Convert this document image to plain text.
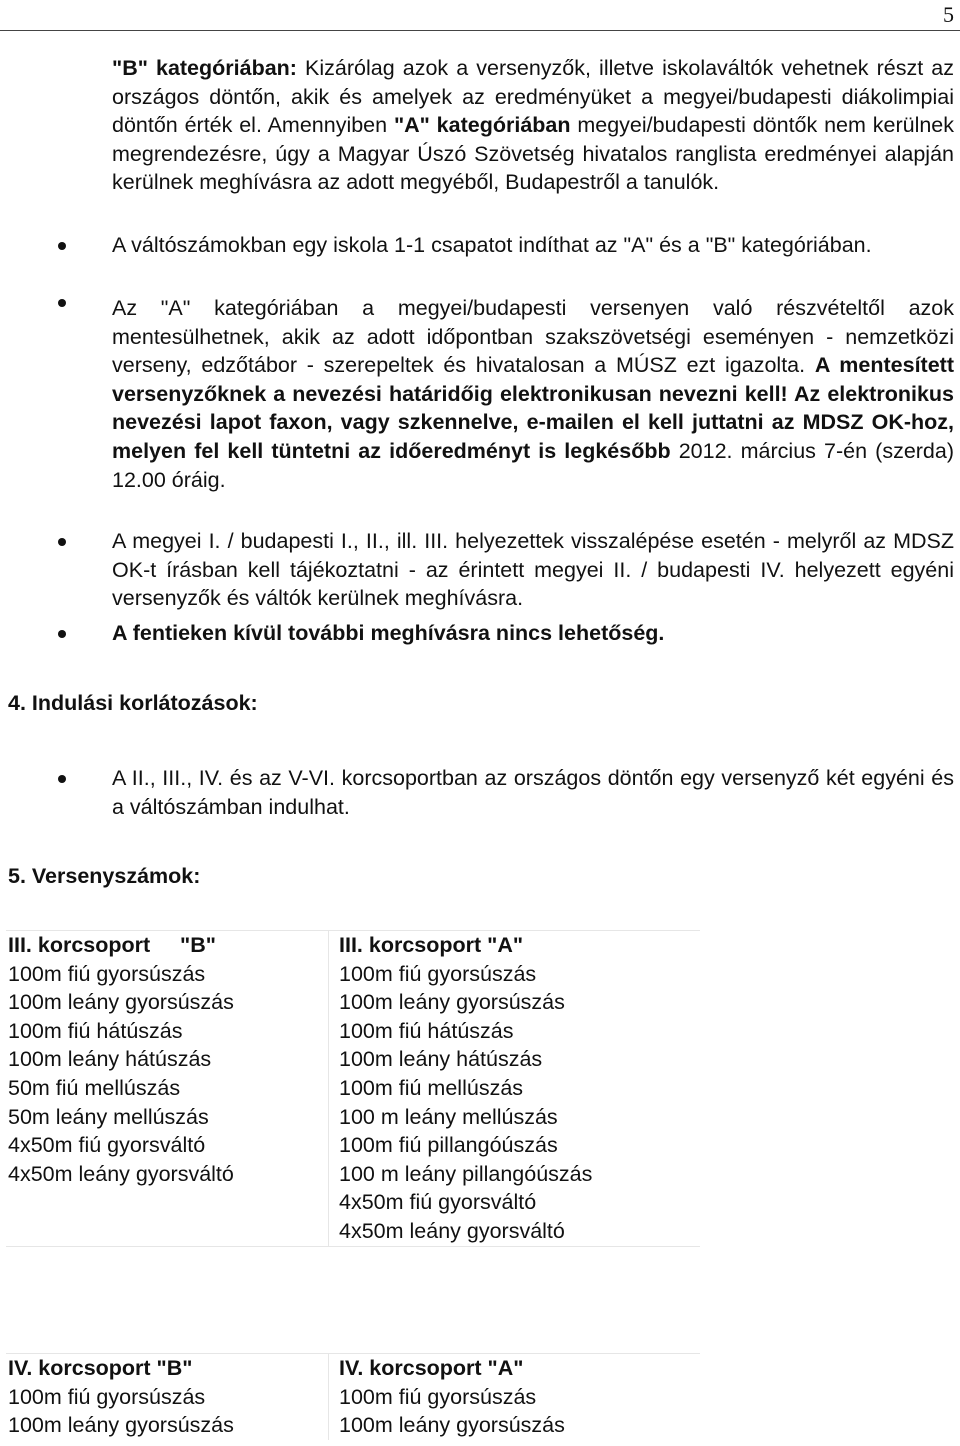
5

"B" kategóriában: Kizárólag azok a versenyzők, illetve iskolaváltók vehetnek részt az országos döntőn, akik és amelyek az eredményüket a megyei/budapesti diákolimpiai döntőn érték el. Amennyiben "A" kategóriában megyei/budapesti döntők nem kerülnek megrendezésre, úgy a Magyar Úszó Szövetség hivatalos ranglista eredményei alapján kerülnek meghívásra az adott megyéből, Budapestről a tanulók.

A váltószámokban egy iskola 1-1 csapatot indíthat az "A" és a "B" kategóriában.

Az "A" kategóriában a megyei/budapesti versenyen való részvételtől azok mentesülhetnek, akik az adott időpontban szakszövetségi eseményen - nemzetközi verseny, edzőtábor - szerepeltek és hivatalosan a MÚSZ ezt igazolta. A mentesített versenyzőknek a nevezési határidőig elektronikusan nevezni kell! Az elektronikus nevezési lapot faxon, vagy szkennelve, e-mailen el kell juttatni az MDSZ OK-hoz, melyen fel kell tüntetni az időeredményt is legkésőbb 2012. március 7-én (szerda) 12.00 óráig.

A megyei I. / budapesti I., II., ill. III. helyezettek visszalépése esetén - melyről az MDSZ OK-t írásban kell tájékoztatni - az érintett megyei II. / budapesti IV. helyezett egyéni versenyzők és váltók kerülnek meghívásra.

A fentieken kívül további meghívásra nincs lehetőség.

4. Indulási korlátozások:

A II., III., IV. és az V-VI. korcsoportban az országos döntőn egy versenyző két egyéni és a váltószámban indulhat.

5. Versenyszámok:
III. korcsoport     "B"	III. korcsoport "A"
100m fiú gyorsúszás	100m fiú gyorsúszás
100m leány gyorsúszás	100m leány gyorsúszás
100m fiú hátúszás	100m fiú hátúszás
100m leány hátúszás	100m leány hátúszás
50m fiú mellúszás	100m fiú mellúszás
50m leány mellúszás	100 m leány mellúszás
4x50m fiú gyorsváltó	100m fiú pillangóúszás
4x50m leány gyorsváltó	100 m leány pillangóúszás
	4x50m fiú gyorsváltó
	4x50m leány gyorsváltó
IV. korcsoport "B"	IV. korcsoport "A"
100m fiú gyorsúszás	100m fiú gyorsúszás
100m leány gyorsúszás	100m leány gyorsúszás
